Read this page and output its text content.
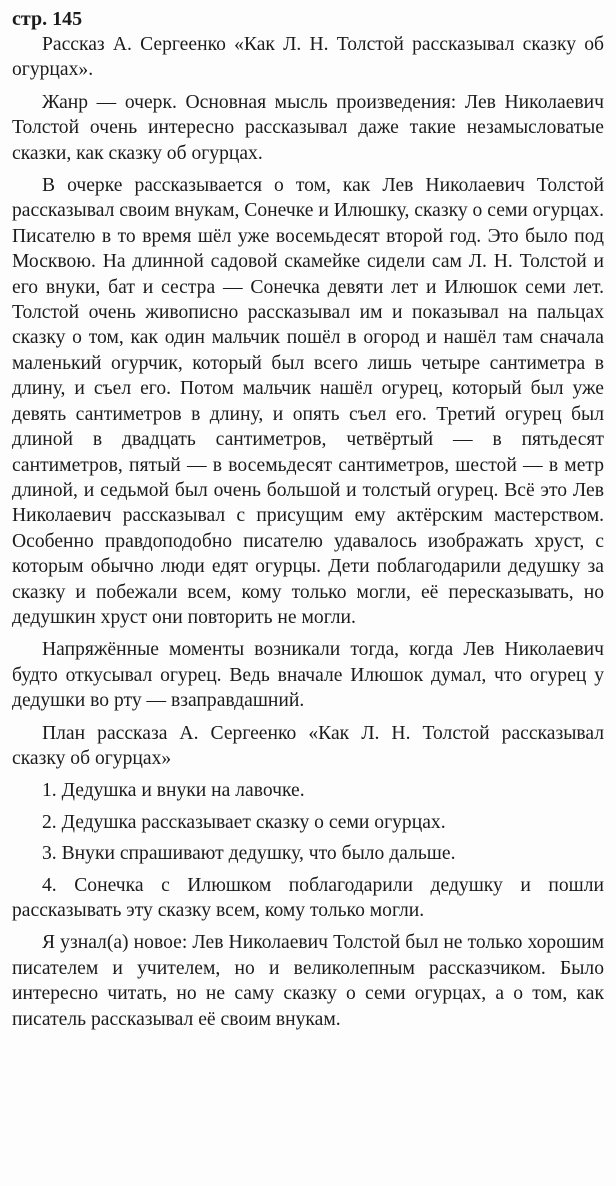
стр. 145

Рассказ А. Сергеенко «Как Л. Н. Толстой рассказывал сказку об огурцах».

Жанр — очерк. Основная мысль произведения: Лев Николаевич Толстой очень интересно рассказывал даже такие незамысловатые сказки, как сказку об огурцах.

В очерке рассказывается о том, как Лев Николаевич Толстой рассказывал своим внукам, Сонечке и Илюшку, сказку о семи огурцах. Писателю в то время шёл уже восемьдесят второй год. Это было под Москвою. На длинной садовой скамейке сидели сам Л. Н. Толстой и его внуки, бат и сестра — Сонечка девяти лет и Илюшок семи лет. Толстой очень живописно рассказывал им и показывал на пальцах сказку о том, как один мальчик пошёл в огород и нашёл там сначала маленький огурчик, который был всего лишь четыре сантиметра в длину, и съел его. Потом мальчик нашёл огурец, который был уже девять сантиметров в длину, и опять съел его. Третий огурец был длиной в двадцать сантиметров, четвёртый — в пятьдесят сантиметров, пятый — в восемьдесят сантиметров, шестой — в метр длиной, и седьмой был очень большой и толстый огурец. Всё это Лев Николаевич рассказывал с присущим ему актёрским мастерством. Особенно правдоподобно писателю удавалось изображать хруст, с которым обычно люди едят огурцы. Дети поблагодарили дедушку за сказку и побежали всем, кому только могли, её пересказывать, но дедушкин хруст они повторить не могли.

Напряжённые моменты возникали тогда, когда Лев Николаевич будто откусывал огурец. Ведь вначале Илюшок думал, что огурец у дедушки во рту — взаправдашний.

План рассказа А. Сергеенко «Как Л. Н. Толстой рассказывал сказку об огурцах»

1. Дедушка и внуки на лавочке.
2. Дедушка рассказывает сказку о семи огурцах.
3. Внуки спрашивают дедушку, что было дальше.
4. Сонечка с Илюшком поблагодарили дедушку и пошли рассказывать эту сказку всем, кому только могли.

Я узнал(а) новое: Лев Николаевич Толстой был не только хорошим писателем и учителем, но и великолепным рассказчиком. Было интересно читать, но не саму сказку о семи огурцах, а о том, как писатель рассказывал её своим внукам.
